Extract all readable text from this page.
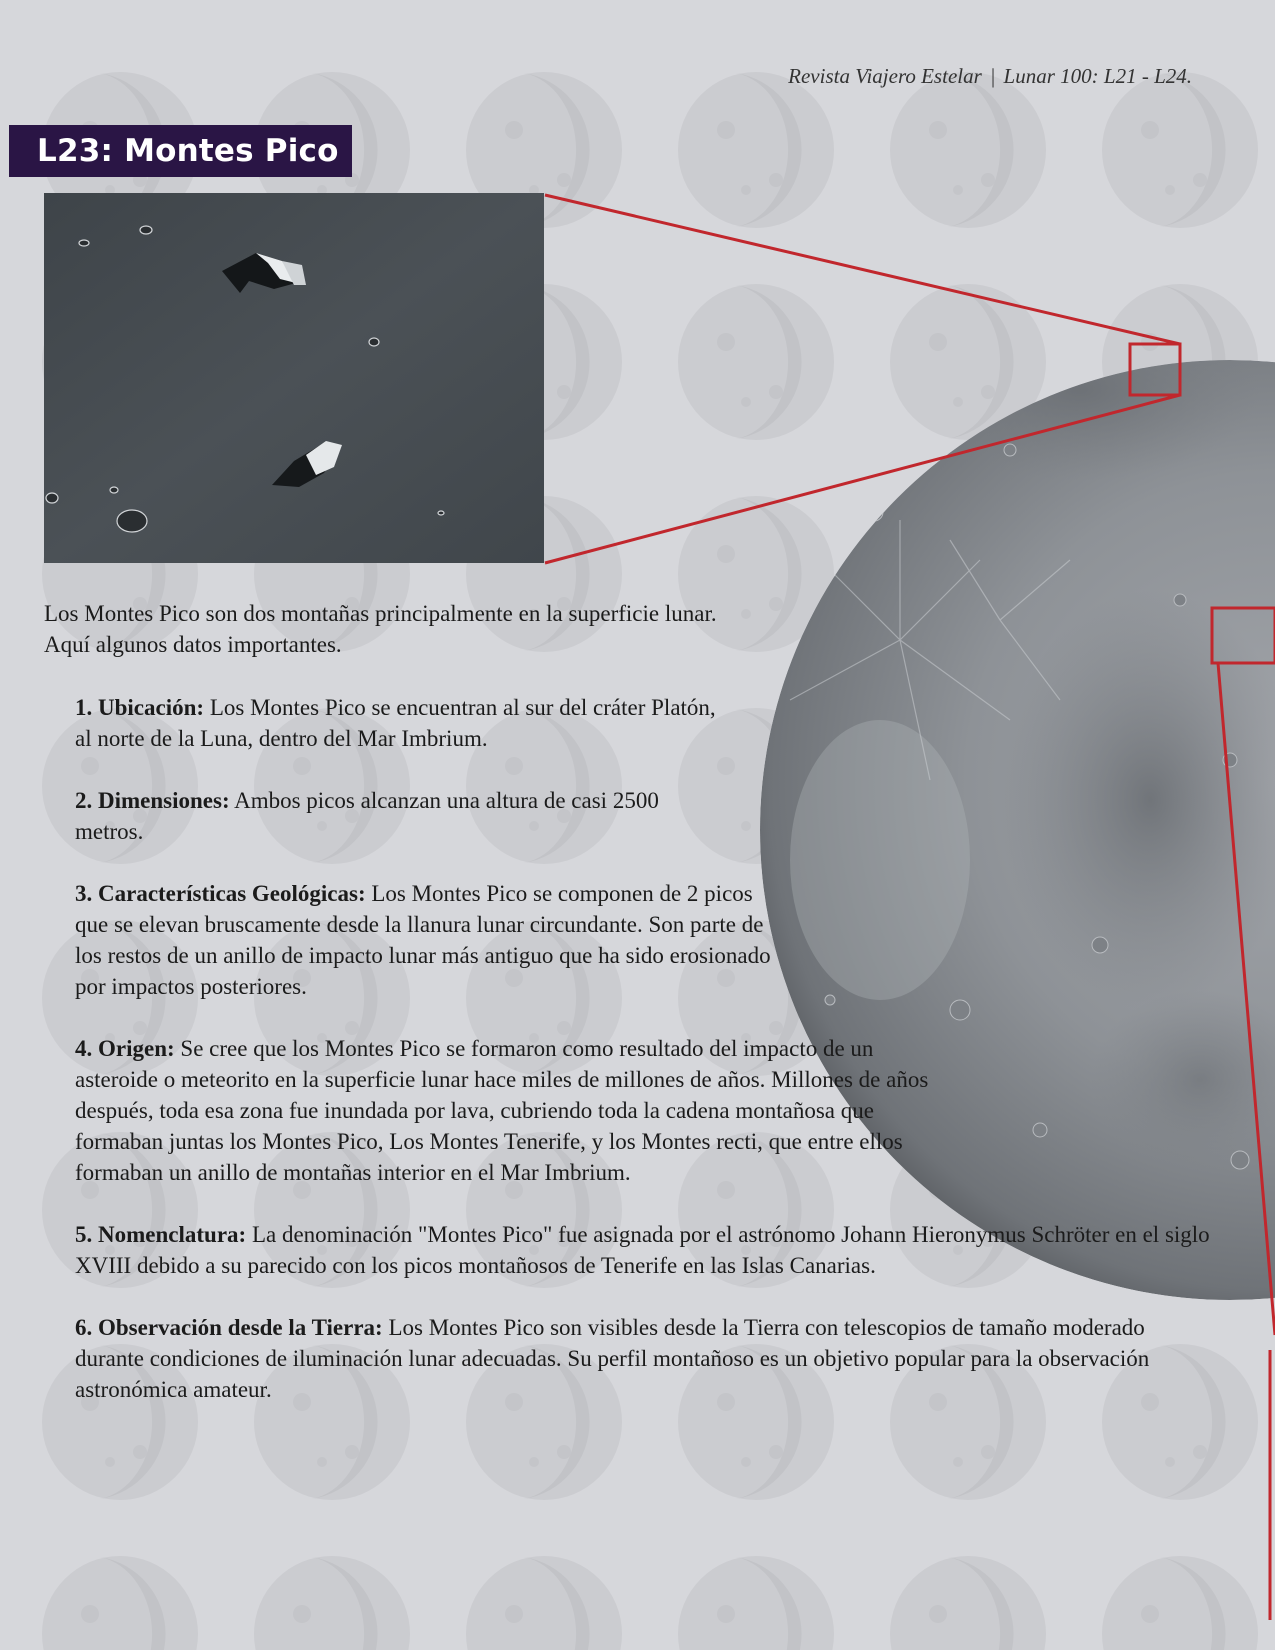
Revista Viajero Estelar | Lunar 100: L21 - L24.
L23: Montes Pico

Los Montes Pico son dos montañas principalmente en la superficie lunar. Aquí algunos datos importantes.

1. Ubicación: Los Montes Pico se encuentran al sur del cráter Platón, al norte de la Luna, dentro del Mar Imbrium.
2. Dimensiones: Ambos picos alcanzan una altura de casi 2500 metros.
3. Características Geológicas: Los Montes Pico se componen de 2 picos que se elevan bruscamente desde la llanura lunar circundante. Son parte de los restos de un anillo de impacto lunar más antiguo que ha sido erosionado por impactos posteriores.
4. Origen: Se cree que los Montes Pico se formaron como resultado del impacto de un asteroide o meteorito en la superficie lunar hace miles de millones de años. Millones de años después, toda esa zona fue inundada por lava, cubriendo toda la cadena montañosa que formaban juntas los Montes Pico, Los Montes Tenerife, y los Montes recti, que entre ellos formaban un anillo de montañas interior en el Mar Imbrium.
5. Nomenclatura: La denominación "Montes Pico" fue asignada por el astrónomo Johann Hieronymus Schröter en el siglo XVIII debido a su parecido con los picos montañosos de Tenerife en las Islas Canarias.
6. Observación desde la Tierra: Los Montes Pico son visibles desde la Tierra con telescopios de tamaño moderado durante condiciones de iluminación lunar adecuadas. Su perfil montañoso es un objetivo popular para la observación astronómica amateur.
